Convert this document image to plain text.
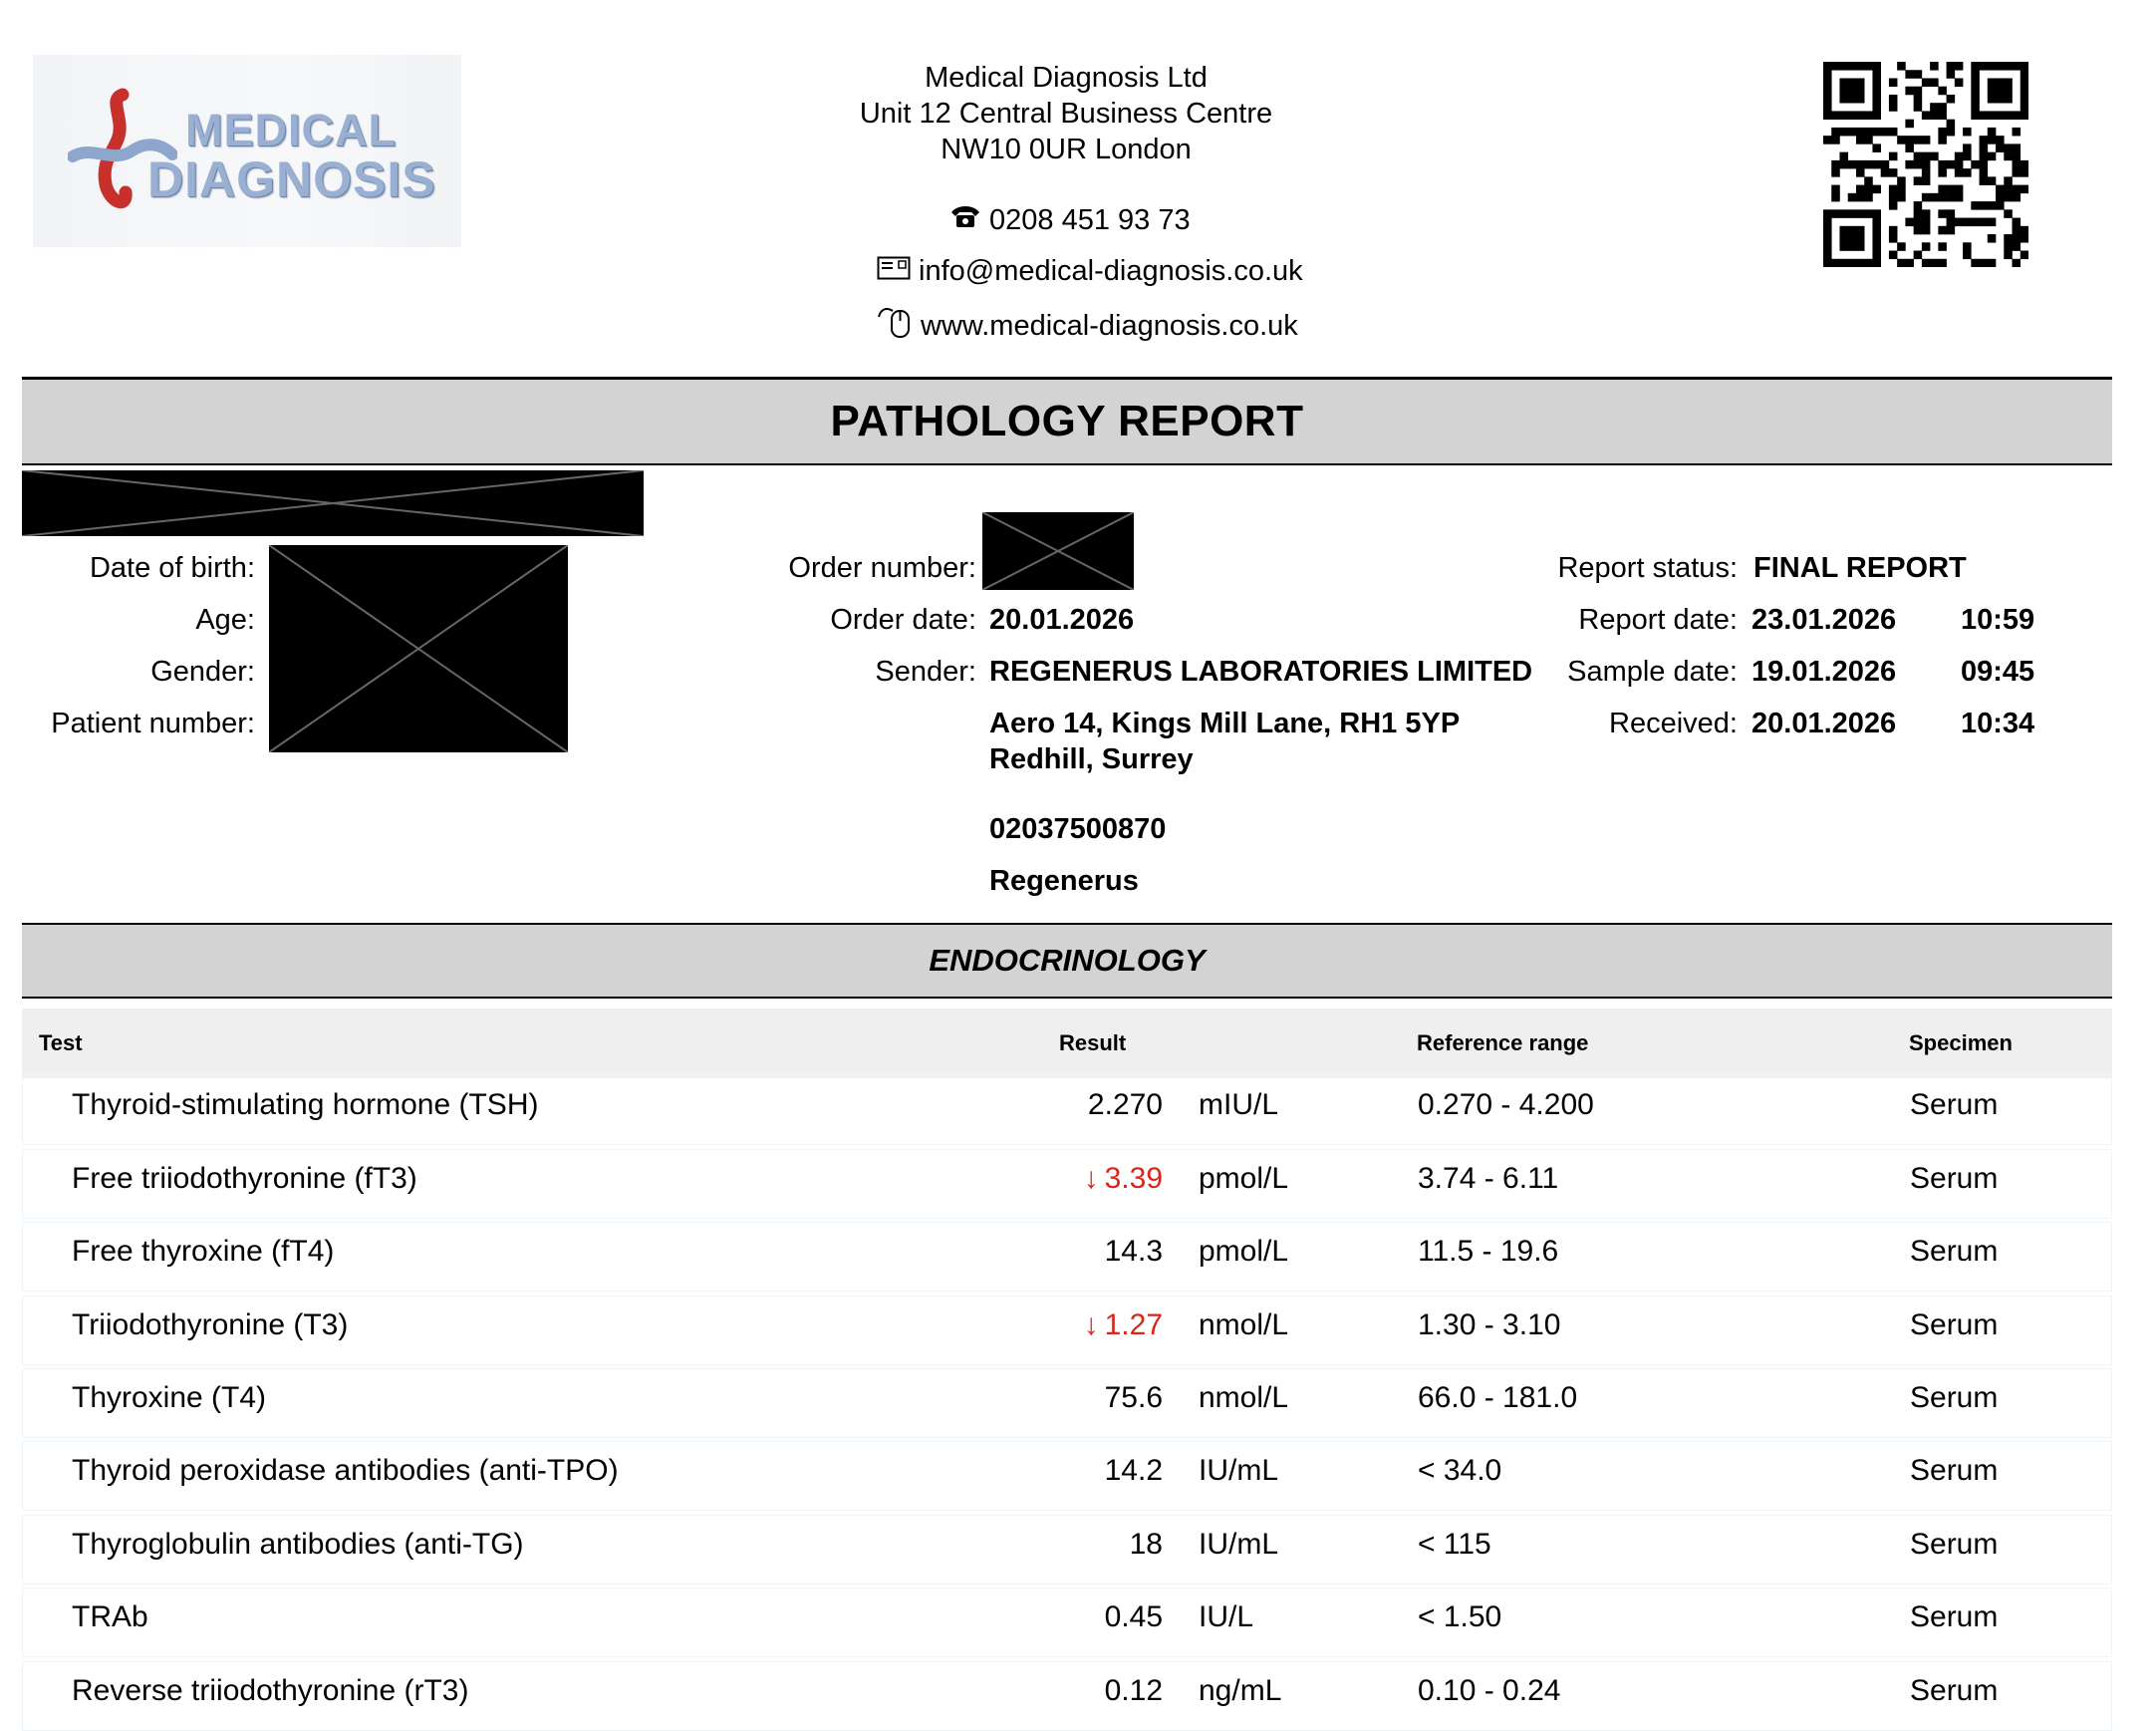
MEDICAL
DIAGNOSIS
Medical Diagnosis Ltd
Unit 12 Central Business Centre
NW10 0UR London
0208 451 93 73
info@medical-diagnosis.co.uk
www.medical-diagnosis.co.uk
PATHOLOGY REPORT
Date of birth:
Age:
Gender:
Patient number:
Order number:
Order date: 20.01.2026
Sender: REGENERUS LABORATORIES LIMITED
Aero 14, Kings Mill Lane, RH1 5YP
Redhill, Surrey
02037500870
Regenerus
Report status: FINAL REPORT
Report date: 23.01.2026 10:59
Sample date: 19.01.2026 09:45
Received: 20.01.2026 10:34
ENDOCRINOLOGY
Test	Result	Reference range	Specimen
Thyroid-stimulating hormone (TSH)	2.270 mIU/L	0.270 - 4.200	Serum
Free triiodothyronine (fT3)	↓ 3.39 pmol/L	3.74 - 6.11	Serum
Free thyroxine (fT4)	14.3 pmol/L	11.5 - 19.6	Serum
Triiodothyronine (T3)	↓ 1.27 nmol/L	1.30 - 3.10	Serum
Thyroxine (T4)	75.6 nmol/L	66.0 - 181.0	Serum
Thyroid peroxidase antibodies (anti-TPO)	14.2 IU/mL	< 34.0	Serum
Thyroglobulin antibodies (anti-TG)	18 IU/mL	< 115	Serum
TRAb	0.45 IU/L	< 1.50	Serum
Reverse triiodothyronine (rT3)	0.12 ng/mL	0.10 - 0.24	Serum
